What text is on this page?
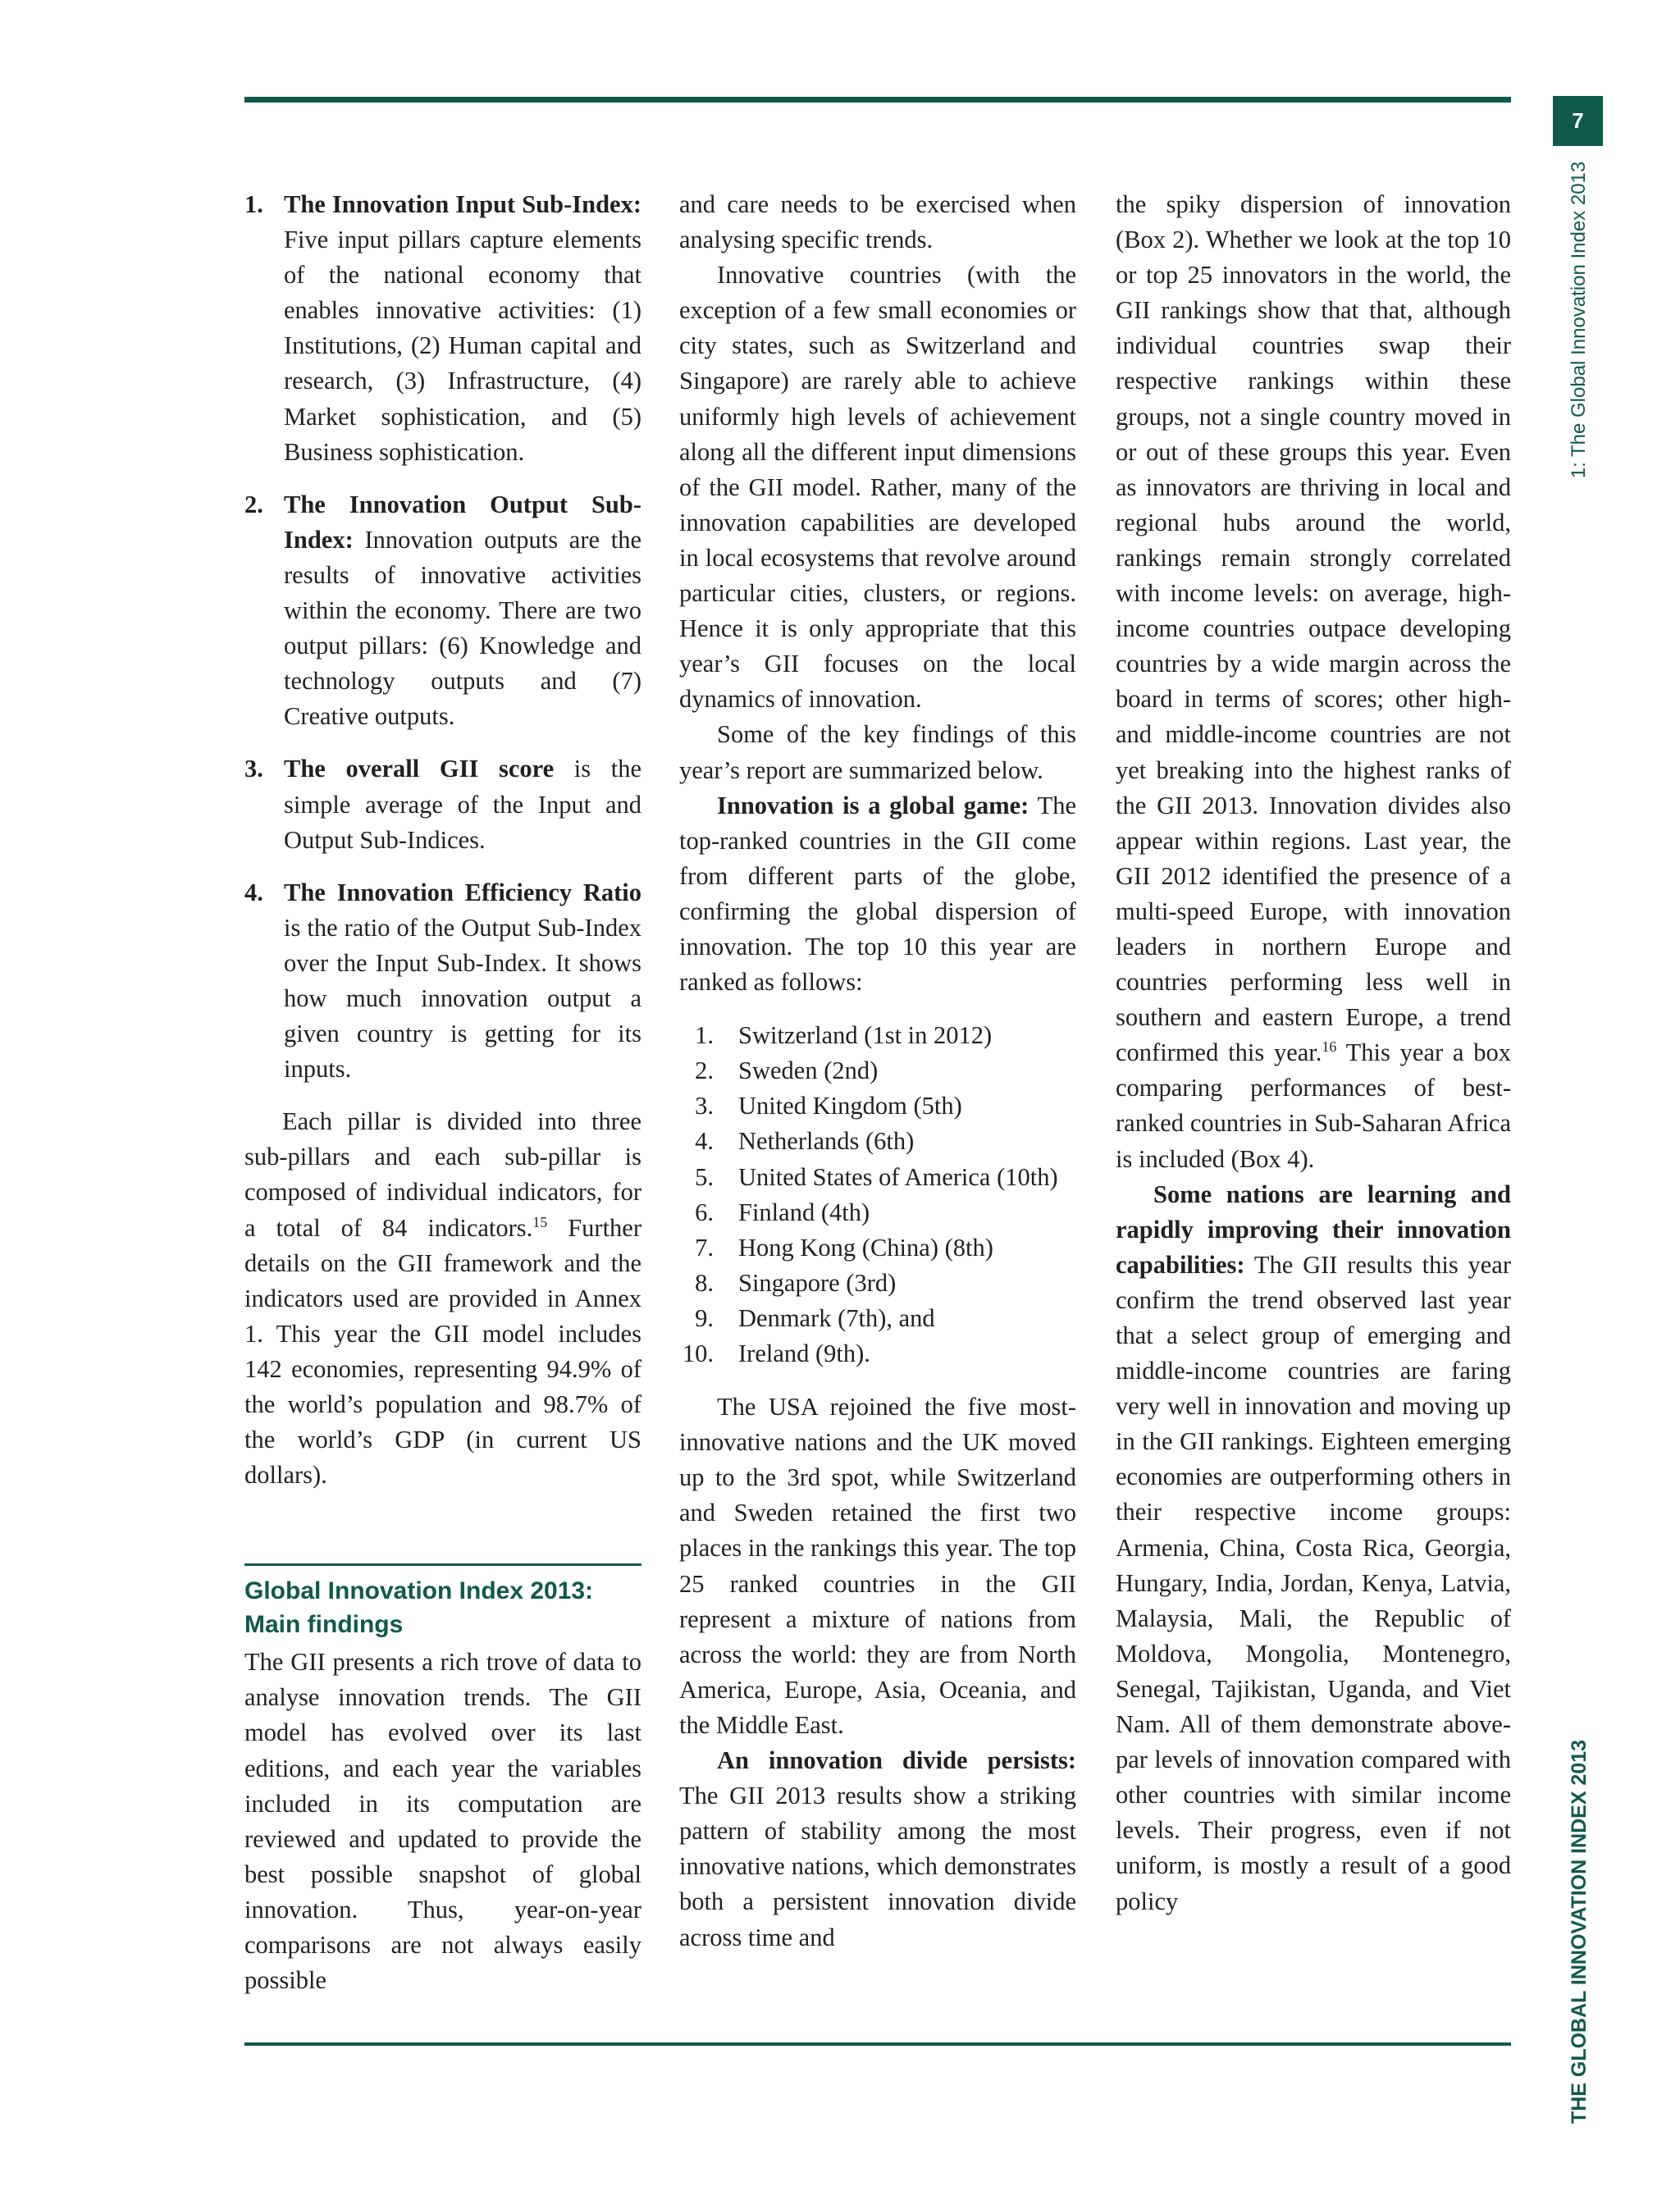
7
1: The Global Innovation Index 2013
THE GLOBAL INNOVATION INDEX 2013
1. The Innovation Input Sub-Index: Five input pillars capture elements of the national economy that enables innovative activities: (1) Institutions, (2) Human capital and research, (3) Infrastructure, (4) Market sophistication, and (5) Business sophistication.
2. The Innovation Output Sub-Index: Innovation outputs are the results of innovative activities within the economy. There are two output pillars: (6) Knowledge and technology outputs and (7) Creative outputs.
3. The overall GII score is the simple average of the Input and Output Sub-Indices.
4. The Innovation Efficiency Ratio is the ratio of the Output Sub-Index over the Input Sub-Index. It shows how much innovation output a given country is getting for its inputs.

Each pillar is divided into three sub-pillars and each sub-pillar is composed of individual indicators, for a total of 84 indicators.$^{15}$ Further details on the GII framework and the indicators used are provided in Annex 1. This year the GII model includes 142 economies, representing 94.9% of the world’s population and 98.7% of the world’s GDP (in current US dollars).

Global Innovation Index 2013: Main findings

The GII presents a rich trove of data to analyse innovation trends. The GII model has evolved over its last editions, and each year the variables included in its computation are reviewed and updated to provide the best possible snapshot of global innovation. Thus, year-on-year comparisons are not always easily possible

and care needs to be exercised when analysing specific trends.

Innovative countries (with the exception of a few small economies or city states, such as Switzerland and Singapore) are rarely able to achieve uniformly high levels of achievement along all the different input dimensions of the GII model. Rather, many of the innovation capabilities are developed in local ecosystems that revolve around particular cities, clusters, or regions. Hence it is only appropriate that this year’s GII focuses on the local dynamics of innovation.

Some of the key findings of this year’s report are summarized below.

Innovation is a global game: The top-ranked countries in the GII come from different parts of the globe, confirming the global dispersion of innovation. The top 10 this year are ranked as follows:

1. Switzerland (1st in 2012)
2. Sweden (2nd)
3. United Kingdom (5th)
4. Netherlands (6th)
5. United States of America (10th)
6. Finland (4th)
7. Hong Kong (China) (8th)
8. Singapore (3rd)
9. Denmark (7th), and
10. Ireland (9th).

The USA rejoined the five most-innovative nations and the UK moved up to the 3rd spot, while Switzerland and Sweden retained the first two places in the rankings this year. The top 25 ranked countries in the GII represent a mixture of nations from across the world: they are from North America, Europe, Asia, Oceania, and the Middle East.

An innovation divide persists: The GII 2013 results show a striking pattern of stability among the most innovative nations, which demonstrates both a persistent innovation divide across time and

the spiky dispersion of innovation (Box 2). Whether we look at the top 10 or top 25 innovators in the world, the GII rankings show that that, although individual countries swap their respective rankings within these groups, not a single country moved in or out of these groups this year. Even as innovators are thriving in local and regional hubs around the world, rankings remain strongly correlated with income levels: on average, high-income countries outpace developing countries by a wide margin across the board in terms of scores; other high- and middle-income countries are not yet breaking into the highest ranks of the GII 2013. Innovation divides also appear within regions. Last year, the GII 2012 identified the presence of a multi-speed Europe, with innovation leaders in northern Europe and countries performing less well in southern and eastern Europe, a trend confirmed this year.$^{16}$ This year a box comparing performances of best-ranked countries in Sub-Saharan Africa is included (Box 4).

Some nations are learning and rapidly improving their innovation capabilities: The GII results this year confirm the trend observed last year that a select group of emerging and middle-income countries are faring very well in innovation and moving up in the GII rankings. Eighteen emerging economies are outperforming others in their respective income groups: Armenia, China, Costa Rica, Georgia, Hungary, India, Jordan, Kenya, Latvia, Malaysia, Mali, the Republic of Moldova, Mongolia, Montenegro, Senegal, Tajikistan, Uganda, and Viet Nam. All of them demonstrate above-par levels of innovation compared with other countries with similar income levels. Their progress, even if not uniform, is mostly a result of a good policy
